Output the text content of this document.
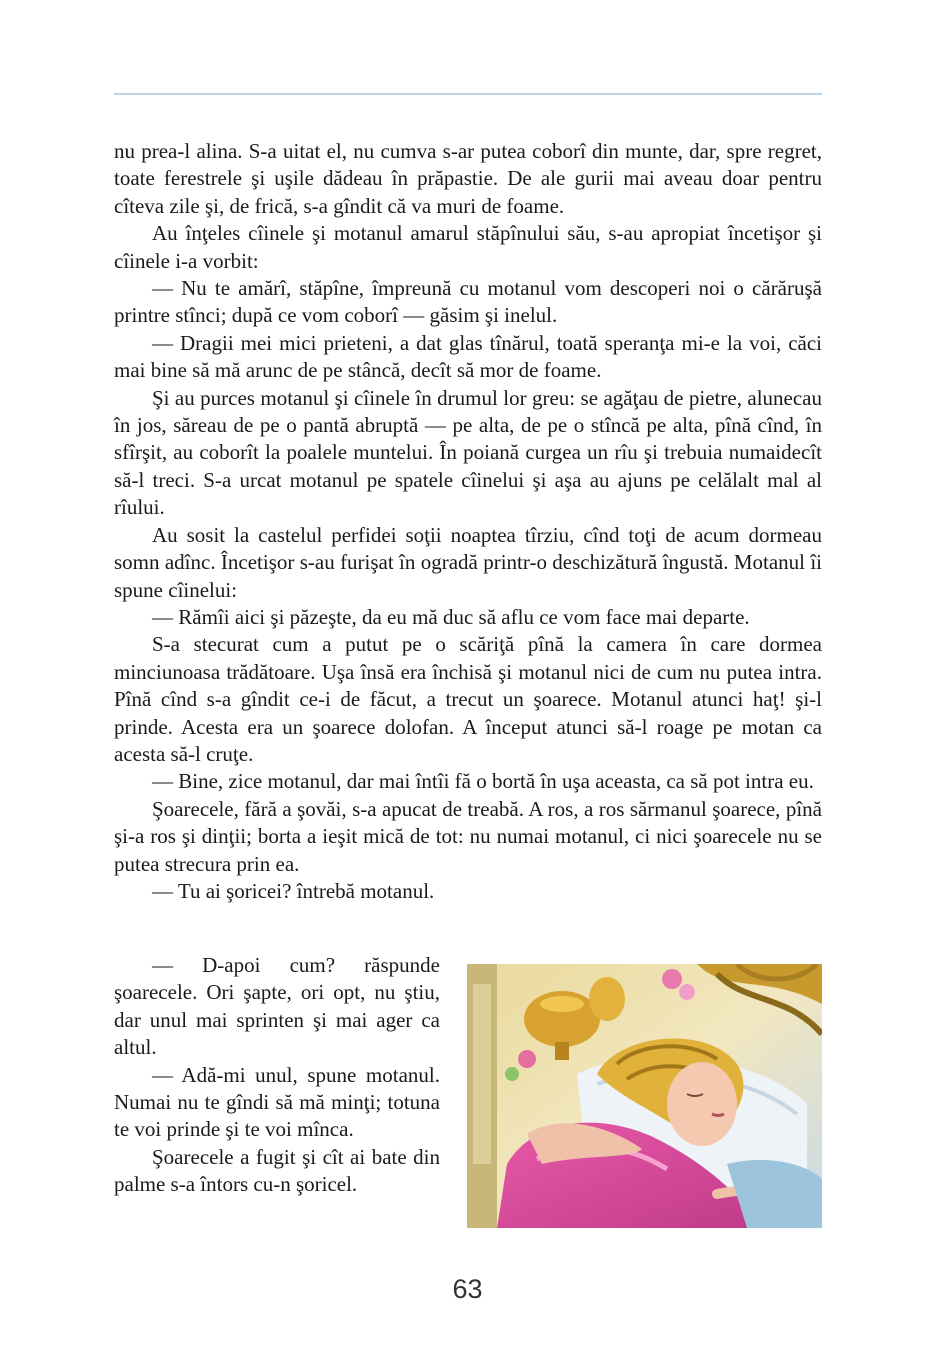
nu prea-l alina. S-a uitat el, nu cumva s-ar putea coborî din munte, dar, spre regret, toate ferestrele şi uşile dădeau în prăpastie. De ale gurii mai aveau doar pentru cîteva zile şi, de frică, s-a gîndit că va muri de foame.

Au înţeles cîinele şi motanul amarul stăpînului său, s-au apropiat încetişor şi cîinele i-a vorbit:

— Nu te amărî, stăpîne, împreună cu motanul vom descoperi noi o cărăruşă printre stînci; după ce vom coborî — găsim şi inelul.

— Dragii mei mici prieteni, a dat glas tînărul, toată speranţa mi-e la voi, căci mai bine să mă arunc de pe stâncă, decît să mor de foame.

Şi au purces motanul şi cîinele în drumul lor greu: se agăţau de pietre, alunecau în jos, săreau de pe o pantă abruptă — pe alta, de pe o stîncă pe alta, pînă cînd, în sfîrşit, au coborît la poalele muntelui. În poiană curgea un rîu şi trebuia numaidecît să-l treci. S-a urcat motanul pe spatele cîinelui şi aşa au ajuns pe celălalt mal al rîului.

Au sosit la castelul perfidei soţii noaptea tîrziu, cînd toţi de acum dormeau somn adînc. Încetişor s-au furişat în ogradă printr-o deschizătură îngustă. Motanul îi spune cîinelui:

— Rămîi aici şi păzeşte, da eu mă duc să aflu ce vom face mai departe.

S-a stecurat cum a putut pe o scăriţă pînă la camera în care dormea minciunoasa trădătoare. Uşa însă era închisă şi motanul nici de cum nu putea intra. Pînă cînd s-a gîndit ce-i de făcut, a trecut un şoarece. Motanul atunci haţ! şi-l prinde. Acesta era un şoarece dolofan. A început atunci să-l roage pe motan ca acesta să-l cruţe.

— Bine, zice motanul, dar mai întîi fă o bortă în uşa aceasta, ca să pot intra eu.

Şoarecele, fără a şovăi, s-a apucat de treabă. A ros, a ros sărmanul şoarece, pînă şi-a ros şi dinţii; borta a ieşit mică de tot: nu numai motanul, ci nici şoarecele nu se putea strecura prin ea.

— Tu ai şoricei? întrebă motanul.

— D-apoi cum? răspunde şoarecele. Ori şapte, ori opt, nu ştiu, dar unul mai sprinten şi mai ager ca altul.

— Adă-mi unul, spune motanul. Numai nu te gîndi să mă minţi; totuna te voi prinde şi te voi mînca.

Şoarecele a fugit şi cît ai bate din palme s-a întors cu-n şoricel.

63
